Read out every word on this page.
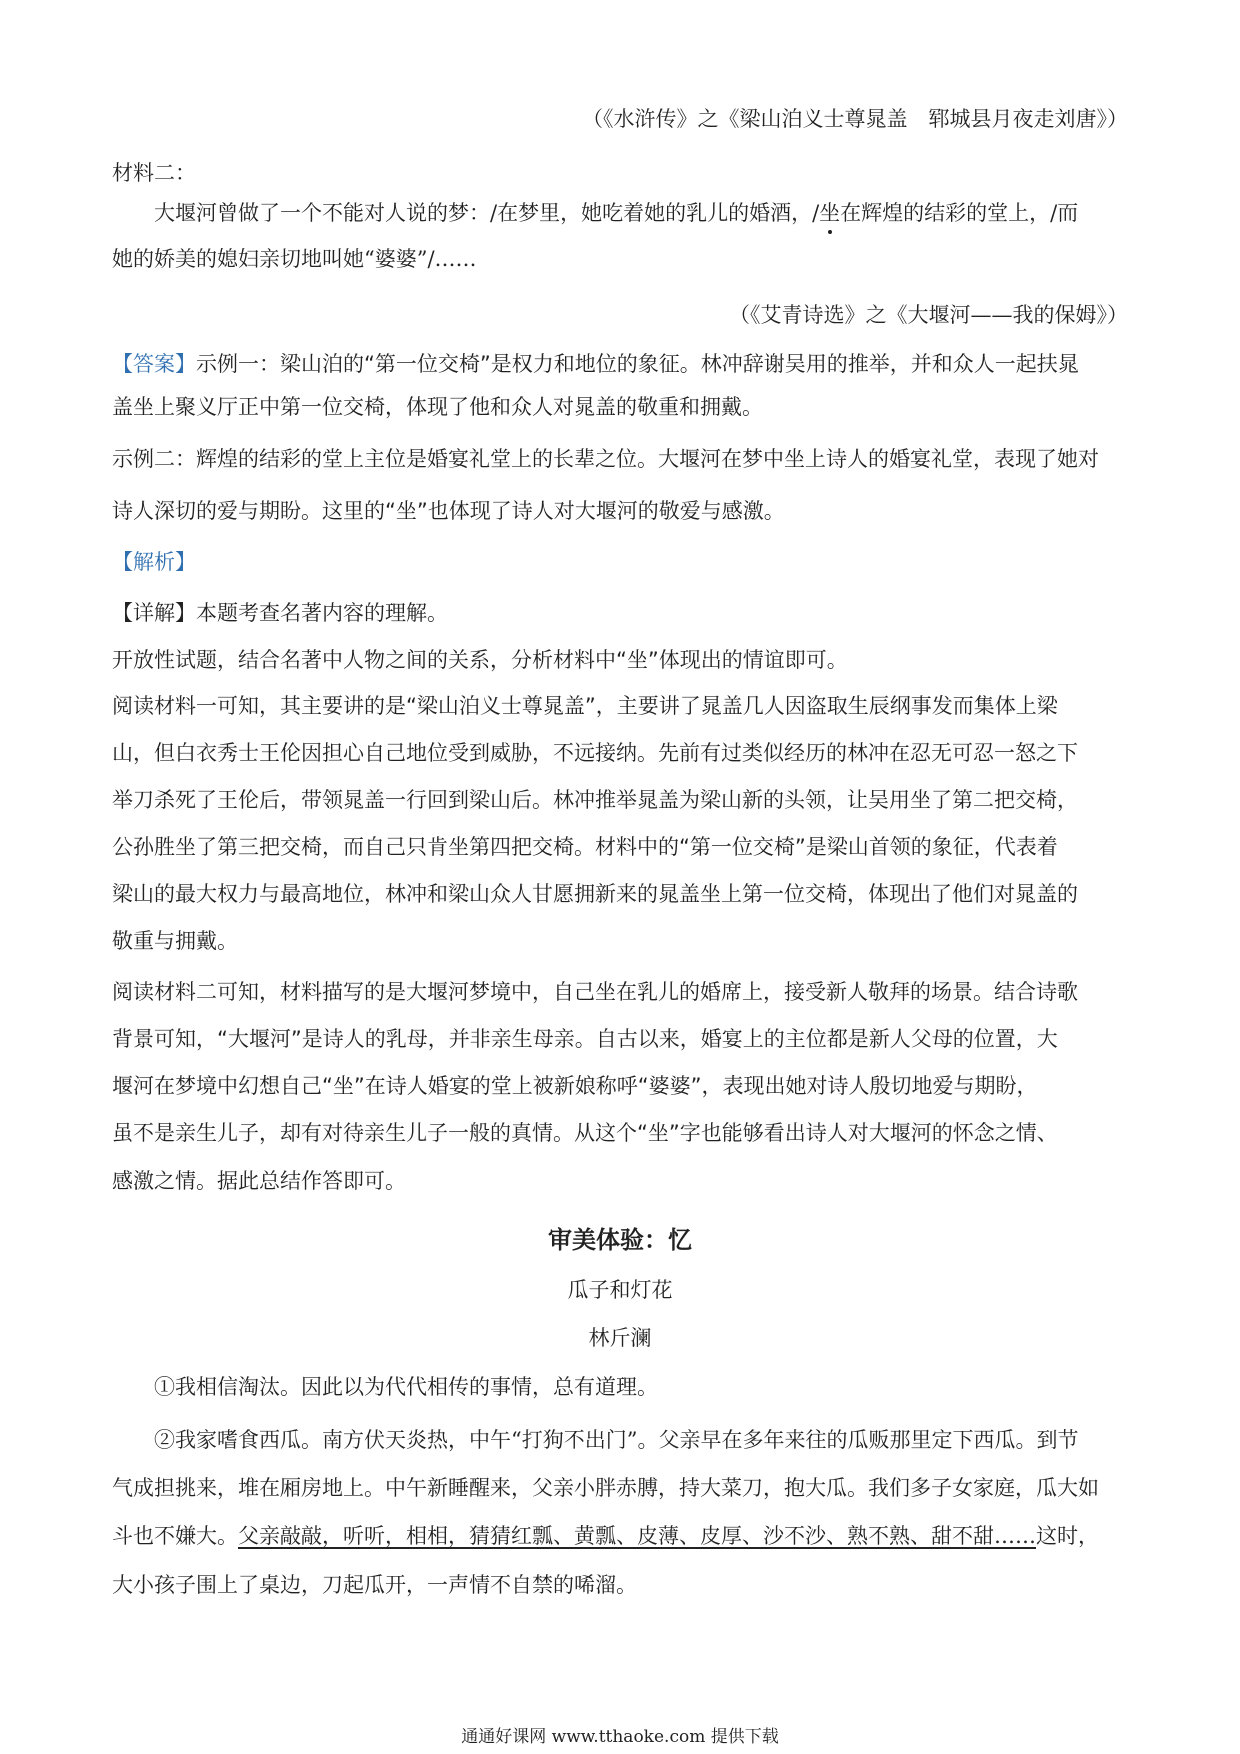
（《水浒传》之《梁山泊义士尊晁盖　郓城县月夜走刘唐》）
材料二：
大堰河曾做了一个不能对人说的梦：/在梦里，她吃着她的乳儿的婚酒，/坐在辉煌的结彩的堂上，/而
她的娇美的媳妇亲切地叫她“婆婆”/……
（《艾青诗选》之《大堰河——我的保姆》）
【答案】示例一：梁山泊的“第一位交椅”是权力和地位的象征。林冲辞谢吴用的推举，并和众人一起扶晁
盖坐上聚义厅正中第一位交椅，体现了他和众人对晁盖的敬重和拥戴。
示例二：辉煌的结彩的堂上主位是婚宴礼堂上的长辈之位。大堰河在梦中坐上诗人的婚宴礼堂，表现了她对
诗人深切的爱与期盼。这里的“坐”也体现了诗人对大堰河的敬爱与感激。
【解析】
【详解】本题考查名著内容的理解。
开放性试题，结合名著中人物之间的关系，分析材料中“坐”体现出的情谊即可。
阅读材料一可知，其主要讲的是“梁山泊义士尊晁盖”，主要讲了晁盖几人因盗取生辰纲事发而集体上梁
山，但白衣秀士王伦因担心自己地位受到威胁，不远接纳。先前有过类似经历的林冲在忍无可忍一怒之下
举刀杀死了王伦后，带领晁盖一行回到梁山后。林冲推举晁盖为梁山新的头领，让吴用坐了第二把交椅，
公孙胜坐了第三把交椅，而自己只肯坐第四把交椅。材料中的“第一位交椅”是梁山首领的象征，代表着
梁山的最大权力与最高地位，林冲和梁山众人甘愿拥新来的晁盖坐上第一位交椅，体现出了他们对晁盖的
敬重与拥戴。
阅读材料二可知，材料描写的是大堰河梦境中，自己坐在乳儿的婚席上，接受新人敬拜的场景。结合诗歌
背景可知，“大堰河”是诗人的乳母，并非亲生母亲。自古以来，婚宴上的主位都是新人父母的位置，大
堰河在梦境中幻想自己“坐”在诗人婚宴的堂上被新娘称呼“婆婆”，表现出她对诗人殷切地爱与期盼，
虽不是亲生儿子，却有对待亲生儿子一般的真情。从这个“坐”字也能够看出诗人对大堰河的怀念之情、
感激之情。据此总结作答即可。
审美体验：忆
瓜子和灯花
林斤澜
①我相信淘汰。因此以为代代相传的事情，总有道理。
②我家嗜食西瓜。南方伏天炎热，中午“打狗不出门”。父亲早在多年来往的瓜贩那里定下西瓜。到节
气成担挑来，堆在厢房地上。中午新睡醒来，父亲小胖赤膊，持大菜刀，抱大瓜。我们多子女家庭，瓜大如
斗也不嫌大。父亲敲敲，听听，相相，猜猜红瓢、黄瓢、皮薄、皮厚、沙不沙、熟不熟、甜不甜……这时，
大小孩子围上了桌边，刀起瓜开，一声情不自禁的唏溜。
通通好课网 www.tthaoke.com 提供下载
